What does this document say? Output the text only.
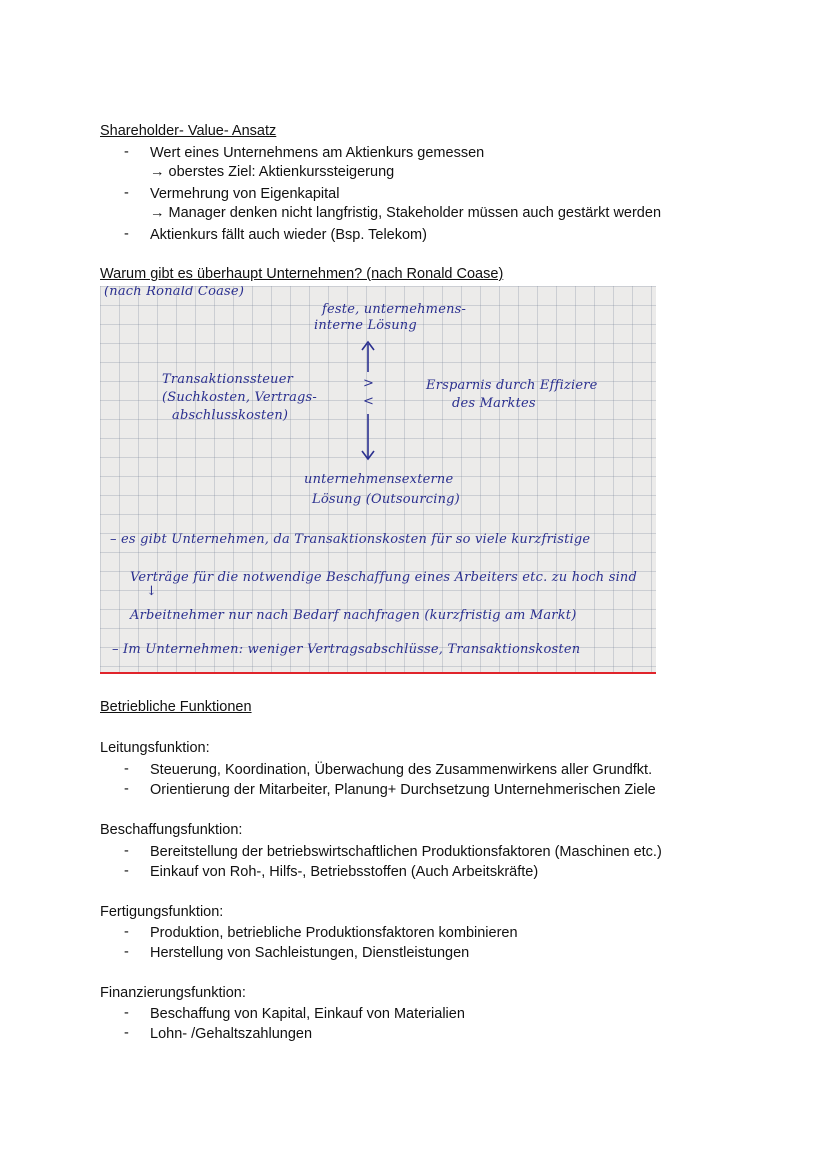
Shareholder- Value- Ansatz
- Wert eines Unternehmens am Aktienkurs gemessen
→ oberstes Ziel: Aktienkurssteigerung
- Vermehrung von Eigenkapital
→ Manager denken nicht langfristig, Stakeholder müssen auch gestärkt werden
- Aktienkurs fällt auch wieder (Bsp. Telekom)
Warum gibt es überhaupt Unternehmen? (nach Ronald Coase)
(nach Ronald Coase)
feste, unternehmens-
interne Lösung
Transaktionssteuer
(Suchkosten, Vertrags-
abschlusskosten)
>
<
Ersparnis durch Effiziere
des Marktes
unternehmensexterne
Lösung (Outsourcing)
– es gibt Unternehmen, da Transaktionskosten für so viele kurzfristige
Verträge für die notwendige Beschaffung eines Arbeiters etc. zu hoch sind
↓
Arbeitnehmer nur nach Bedarf nachfragen (kurzfristig am Markt)
– Im Unternehmen: weniger Vertragsabschlüsse, Transaktionskosten
Betriebliche Funktionen
Leitungsfunktion:
- Steuerung, Koordination, Überwachung des Zusammenwirkens aller Grundfkt.
- Orientierung der Mitarbeiter, Planung+ Durchsetzung Unternehmerischen Ziele
Beschaffungsfunktion:
- Bereitstellung der betriebswirtschaftlichen Produktionsfaktoren (Maschinen etc.)
- Einkauf von Roh-, Hilfs-, Betriebsstoffen (Auch Arbeitskräfte)
Fertigungsfunktion:
- Produktion, betriebliche Produktionsfaktoren kombinieren
- Herstellung von Sachleistungen, Dienstleistungen
Finanzierungsfunktion:
- Beschaffung von Kapital, Einkauf von Materialien
- Lohn- /Gehaltszahlungen
